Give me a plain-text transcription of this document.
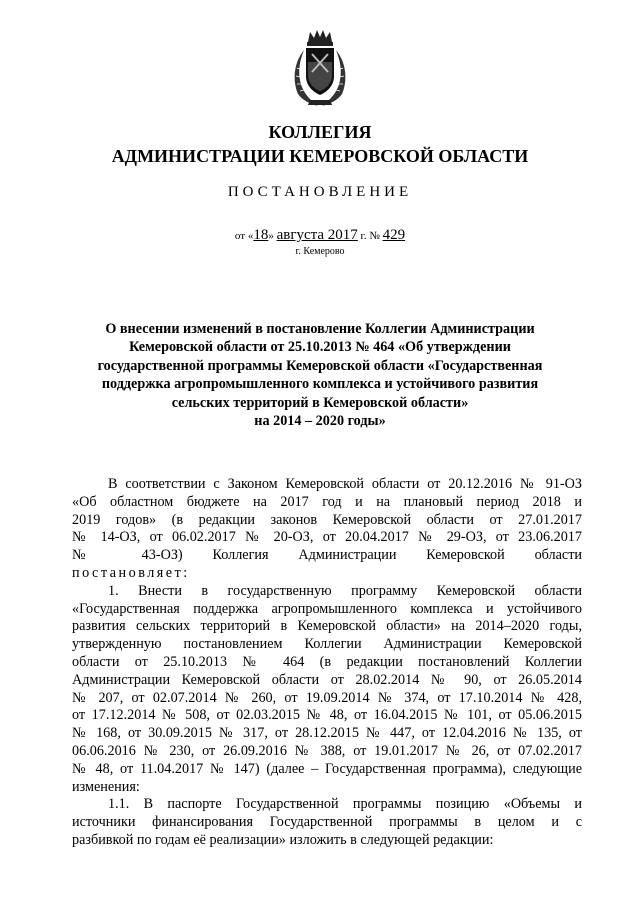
КОЛЛЕГИЯ
АДМИНИСТРАЦИИ КЕМЕРОВСКОЙ ОБЛАСТИ
ПОСТАНОВЛЕНИЕ
от «18» августа 2017 г. № 429
г. Кемерово
О внесении изменений в постановление Коллегии Администрации
Кемеровской области от 25.10.2013 № 464 «Об утверждении
государственной программы Кемеровской области «Государственная
поддержка агропромышленного комплекса и устойчивого развития
сельских территорий в Кемеровской области»
на 2014 – 2020 годы»
В соответствии с Законом Кемеровской области от 20.12.2016 № 91-ОЗ
«Об областном бюджете на 2017 год и на плановый период 2018 и
2019 годов» (в редакции законов Кемеровской области от 27.01.2017
№ 14-ОЗ, от 06.02.2017 № 20-ОЗ, от 20.04.2017 № 29-ОЗ, от 23.06.2017
№ 43-ОЗ) Коллегия Администрации Кемеровской области
постановляет:
1. Внести в государственную программу Кемеровской области
«Государственная поддержка агропромышленного комплекса и устойчивого
развития сельских территорий в Кемеровской области» на 2014–2020 годы,
утвержденную постановлением Коллегии Администрации Кемеровской
области от 25.10.2013 № 464 (в редакции постановлений Коллегии
Администрации Кемеровской области от 28.02.2014 № 90, от 26.05.2014
№ 207, от 02.07.2014 № 260, от 19.09.2014 № 374, от 17.10.2014 № 428,
от 17.12.2014 № 508, от 02.03.2015 № 48, от 16.04.2015 № 101, от 05.06.2015
№ 168, от 30.09.2015 № 317, от 28.12.2015 № 447, от 12.04.2016 № 135, от
06.06.2016 № 230, от 26.09.2016 № 388, от 19.01.2017 № 26, от 07.02.2017
№ 48, от 11.04.2017 № 147) (далее – Государственная программа), следующие
изменения:
1.1. В паспорте Государственной программы позицию «Объемы и
источники финансирования Государственной программы в целом и с
разбивкой по годам её реализации» изложить в следующей редакции:
